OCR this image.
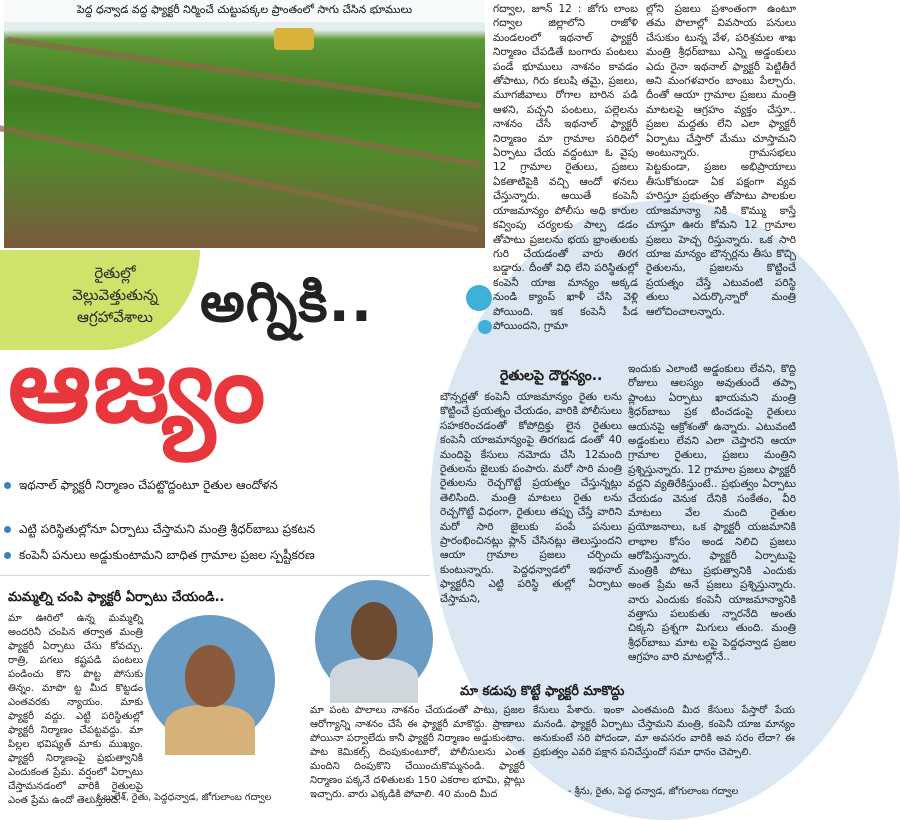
పెద్ద ధన్వాడ వద్ద ఫ్యాక్టరీ నిర్మించే చుట్టుపక్కల ప్రాంతంలో సాగు చేసిన భూములు	గద్వాల, జూన్ 12 : జోగు లాంబ గద్వాల జిల్లాలోని రాజోళి మండలంలో ఇథనాల్ ఫ్యాక్టరీ నిర్మాణం చేపడితే బంగారు పంటలు పండే భూములు నాశనం కావడం తోపాటు, గిరు కలుషి తమై, ప్రజలు, మూగజీవాలు రోగాల బారిన పడి ఆళని, పచ్చని పంటలు, పల్లెలను నాశనం చేసే ఇథనాల్ ఫ్యాక్టరీ నిర్మాణం మా గ్రామాల పరిధిలో ఏర్పాటు చేయ వద్దంటూ ఓ వైపు 12 గ్రామాల రైతులు, ప్రజలు ఏకతాటిపైకి వచ్చి ఆందో ళనలు చేస్తున్నారు. అయితే కంపెనీ యాజమాన్యం పోలీసు అధి కారుల కవ్వింపు చర్యలకు పాల్ప డడం తోపాటు ప్రజలను భయ భ్రాంతులకు గురి చేయడంతో వారు తిరగ బడ్డారు. దీంతో విధి లేని పరిస్థితుల్లో కంపెనీ యాజ మాన్యం అక్కడ నుండి క్యాంప్ ఖాళీ చేసి వెళ్లి పోయింది. ఇక కంపెనీ పీడ పోయిందని, గ్రామా
ల్లోని ప్రజలు ప్రశాంతంగా ఉంటూ తమ పొలాల్లో వివసాయ పనులు చేసుకుం టున్న వేళ, పరిశ్రమల శాఖ మంత్రి శ్రీధర్‌బాబు ఎన్ని అడ్డంకులు ఎదు రైనా ఇథనాల్ ఫ్యాక్టరీ పెట్టితీరే అని మంగళవారం బాంబు పేల్చారు. దీంతో ఆయా గ్రామాల ప్రజలు మంత్రి మాటలపై ఆగ్రహం వ్యక్తం చేస్తూ.. ప్రజల మద్దతు లేని ఎలా ఫ్యాక్టరీ ఏర్పాటు చేస్తారో మేము చూస్తామని అంటున్నారు. గ్రామసభలు పెట్టకుండా, ప్రజల అభిప్రాయాలు తీసుకోకుండా ఏక పక్షంగా వ్యవ హరిస్తూ ప్రభుత్వం తోపాటు పాలకుల యాజమాన్యా నికి కొమ్ము కాస్తే చూస్తూ ఊరు కోమని 12 గ్రామాల ప్రజలు హెచ్చ రిస్తున్నారు. ఒక సారి యాజ మాన్యం బౌన్సర్లను తీసు కొచ్చి రైతులను, ప్రజలను కొట్టించే ప్రయత్నం చేస్తే ఎటువంటి పరిస్థి తులు ఎదుర్కొన్నారో మంత్రి ఆలోచించాలన్నారు.
రైతుల్లో
వెల్లువెత్తుతున్న
ఆగ్రహావేశాలు అగ్నికి..
ఆజ్యం	రైతులపై దౌర్జన్యం..
బౌన్సర్లతో కంపెనీ యాజమాన్యం రైతు లను కొట్టించే ప్రయత్నం చేయడం, వారికి పోలీసులు సహకరించడంతో కోపోద్రిక్తు లైన రైతులు కంపెనీ యాజమాన్యంపై తిరగబడ డంతో 40 మందిపై కేసులు నమోదు చేసి 12మంది రైతులను జైలుకు పంపారు. మరో సారి మంత్రి రైతులను రెచ్చగొట్టే ప్రయత్నం చేస్తున్నట్లు తెలిసింది. మంత్రి మాటలు రైతు లను రెచ్చగొట్టే విధంగా, రైతులు తప్పు చేస్తే వారిని మరో సారి జైలుకు పంపే పనులు ప్రారంభించినట్లు ప్లాన్ చేసినట్లు తెలుస్తుందని ఆయా గ్రామాల ప్రజలు చర్చించు కుంటున్నారు. పెద్దధన్వాడలో ఇథనాల్ ఫ్యాక్టరీని ఎట్టి పరిస్థి తుల్లో ఏర్పాటు చేస్తామని,
ఇందుకు ఎలాంటి అడ్డంకులు లేవని, కొద్ది రోజులు ఆలస్యం అవుతుందే తప్పా ప్లాంటు ఏర్పాటు ఖాయమని మంత్రి శ్రీధర్‌బాబు ప్రక టించడంపై రైతులు ఆయనపై ఆక్రోశంతో ఉన్నారు. ఎటువంటి అడ్డంకులు లేవని ఎలా చెప్తారని ఆయా గ్రామాల రైతులు, ప్రజలు మంత్రిని ప్రశ్నిస్తున్నారు. 12 గ్రామాల ప్రజలు ఫ్యాక్టరీ వద్దని వ్యతిరేకిస్తుంటే.. ప్రభుత్వం ఏర్పాటు చేయడం వెనుక దేనికి సంకేతం, వీరి మాటలు వేల మంది రైతుల ప్రయోజనాలు, ఒక ఫ్యాక్టరీ యజమానికి లాభాల కోసం అండ నిలిచి ప్రజలు ఆరోపిస్తున్నారు. ఫ్యాక్టరీ ఏర్పాటుపై మంత్రికి పోటు ప్రభుత్వానికి ఎందుకు అంత ప్రేమ అనే ప్రజలు ప్రశ్నిస్తున్నారు. వారు ఎందుకు కంపెనీ యాజమాన్యానికి వత్తాసు పలుకుతు న్నారనేది అంతు చిక్కని ప్రశ్నగా మిగులు తుంది. మంత్రి శ్రీధర్‌బాబు మాట లపై పెద్దధన్వాడ ప్రజల ఆగ్రహం వారి మాటల్లోనే..
ఇథనాల్ ఫ్యాక్టరీ నిర్మాణం చేపట్టొద్దంటూ రైతుల ఆందోళన
ఎట్టి పరిస్థితుల్లోనూ ఏర్పాటు చేస్తామని మంత్రి శ్రీధర్‌బాబు ప్రకటన
కంపెనీ పనులు అడ్డుకుంటామని బాధిత గ్రామాల ప్రజల స్పష్టీకరణ
మమ్మల్ని చంపి ఫ్యాక్టరీ ఏర్పాటు చేయండి..
మా ఊరిలో ఉన్న మమ్మల్ని అందరినీ చంపిన తర్వాత మంత్రి ఫ్యాక్టరీ ఏర్పాటు చేసు కోవచ్చు. రాత్రి, పగలు కష్టపడి పంటలు పండించు కొని పొట్ట పోసుకు తిన్నం. మాపొ ట్ట మీద కొట్టడం ఎంతవరకు న్యాయం. మాకు ఫ్యాక్టరీ వద్దు. ఎట్టి పరిస్థితుల్లో ఫ్యాక్టరీ నిర్మాణం చేపట్టవద్దు. మా పిల్లల భవిష్యత్ మాకు ముఖ్యం. ఫ్యాక్టరీ నిర్మాణంపై ప్రభుత్వానికి ఎందుకంత ప్రేమ. వర్షంలో ఏర్పాటు చేస్తామనడంలో వారికి రైతులపై ఎంత ప్రేమ ఉందో తెలుస్తుంది.
- ఓబులేశ్, రైతు, పెద్దధన్వాడ, జోగులాంబ గద్వాల
మా కడుపు కొట్టే ఫ్యాక్టరీ మాకొద్దు
మా పంట పొలాలు నాశనం చేయడంతో పాటు, ప్రజల ఆరోగ్యాన్ని నాశనం చేసే ఈ ఫ్యాక్టరీ మాకొద్దు. ప్రాణాలు పోయినా పర్వాలేదు కానీ ఫ్యాక్టరీ నిర్మాణం అడ్డుకుంటాం. పాట కెమికల్స్ దింపుకుంటూరో, పోలీసులను ఎంత మందిని దింపుకొని చేయించుకొమ్మనండి. ఫ్యాక్టరీ నిర్మాణం పక్కనే దళితులకు 150 ఎకరాల భూమి, ప్లాట్లు ఇచ్చారు. వారు ఎక్కడికి పోవాలి. 40 మంది మీద
కేసులు పేశారు. ఇంకా ఎంతమంది మీద కేసులు పేస్తారో పేయ మనండి. ఫ్యాక్టరీ ఏర్పాటు చేస్తామని మంత్రి, కంపెనీ యాజ మాన్యం అనుకుంటే సరి పోదండా, మా అవసరం వారికి అవ సరం లేదా? ఈ ప్రభుత్వం ఎవరి పక్షాన పనిచేస్తుందో సమా ధానం చెప్పాలి.
- శ్రీను, రైతు, పెద్ద ధన్వాడ, జోగులాంబ గద్వాల
